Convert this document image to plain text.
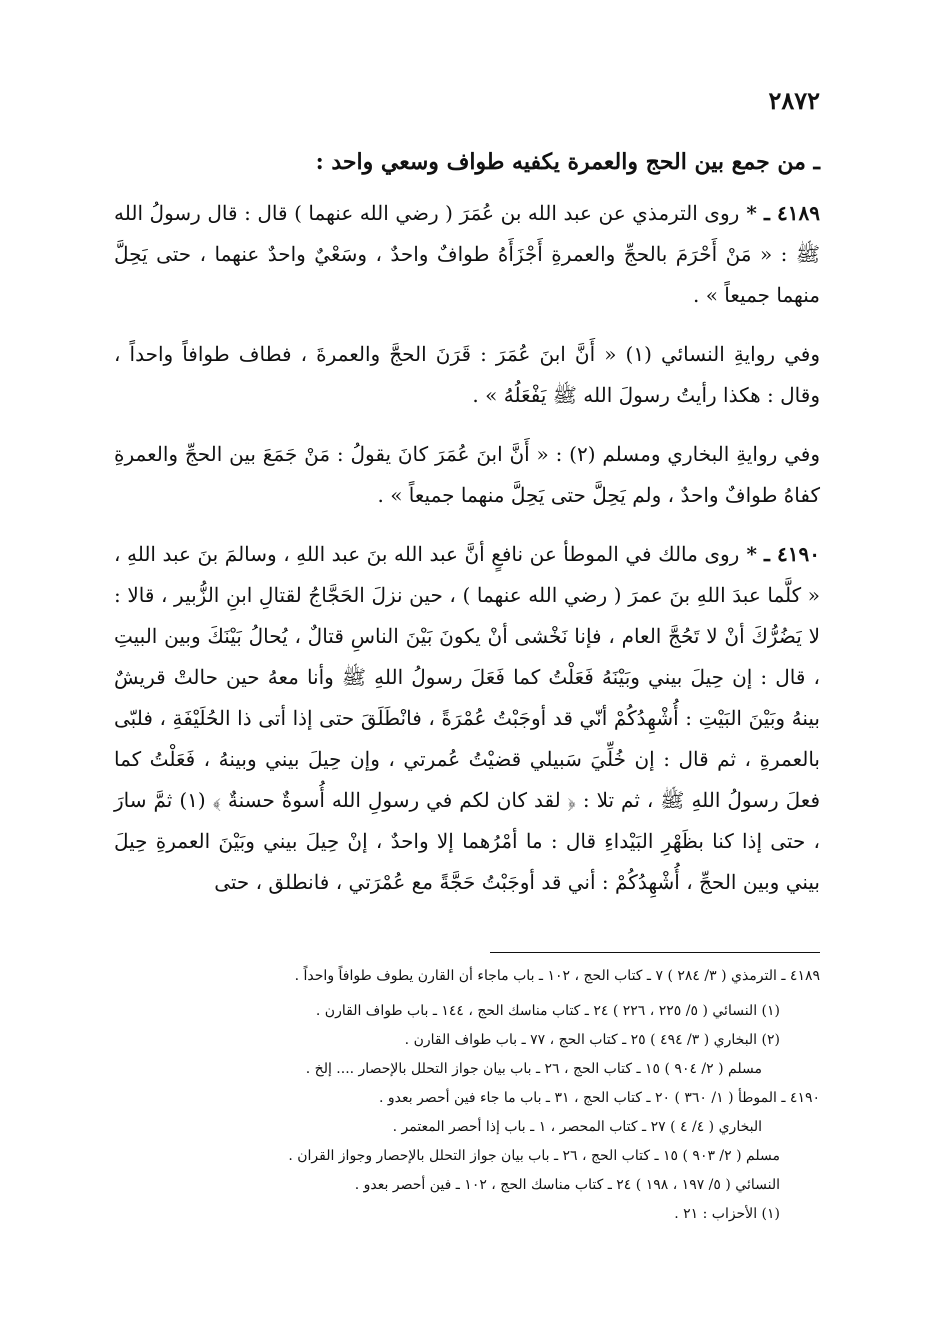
٢٨٧٢

ـ من جمع بين الحج والعمرة يكفيه طواف وسعي واحد :

٤١٨٩ ـ * روى الترمذي عن عبد الله بن عُمَرَ ( رضي الله عنهما ) قال : قال رسولُ الله ﷺ : « مَنْ أَحْرَمَ بالحجِّ والعمرةِ أَجْزَأَهُ طوافٌ واحدٌ ، وسَعْيٌ واحدٌ عنهما ، حتى يَحِلَّ منهما جميعاً » .

وفي روايةِ النسائي (١) « أَنَّ ابنَ عُمَرَ : قَرَنَ الحجَّ والعمرةَ ، فطاف طوافاً واحداً ، وقال : هكذا رأيتُ رسولَ الله ﷺ يَفْعَلُهُ » .

وفي روايةِ البخاري ومسلم (٢) : « أَنَّ ابنَ عُمَرَ كانَ يقولُ : مَنْ جَمَعَ بين الحجِّ والعمرةِ كفاهُ طوافٌ واحدٌ ، ولم يَحِلَّ حتى يَحِلَّ منهما جميعاً » .

٤١٩٠ ـ * روى مالك في الموطأ عن نافعٍ أنَّ عبد الله بنَ عبد اللهِ ، وسالمَ بنَ عبد اللهِ ، « كلَّما عبدَ اللهِ بنَ عمرَ ( رضي الله عنهما ) ، حين نزلَ الحَجَّاجُ لقتالِ ابنِ الزُّبير ، قالا : لا يَضُرُّكَ أنْ لا تَحُجَّ العام ، فإنا نَخْشى أنْ يكونَ بَيْنَ الناسِ قتالٌ ، يُحالُ بَيْنَكَ وبين البيتِ ، قال : إن حِيلَ بيني وبَيْنَهُ فَعَلْتُ كما فَعَلَ رسولُ اللهِ ﷺ وأنا معهُ حين حالتْ قريشٌ بينهُ وبَيْنَ البَيْتِ : أُشْهِدُكُمْ أنّي قد أوجَبْتُ عُمْرَةً ، فانْطَلَقَ حتى إذا أتى ذا الحُلَيْفَةِ ، فلبّى بالعمرةِ ، ثم قال : إن خُلِّيَ سَبيلي قضيْتُ عُمرتي ، وإن حِيلَ بيني وبينهُ ، فَعَلْتُ كما فعلَ رسولُ اللهِ ﷺ ، ثم تلا : ﴿ لقد كان لكم في رسولِ الله أُسوةٌ حسنةٌ ﴾ (١) ثمَّ سارَ ، حتى إذا كنا بظَهْرِ البَيْداءِ قال : ما أمْرُهما إلا واحدٌ ، إنْ حِيلَ بيني وبَيْنَ العمرةِ حِيلَ بيني وبين الحجِّ ، أُشْهِدُكُمْ : أني قد أوجَبْتُ حَجَّةً مع عُمْرَتي ، فانطلق ، حتى

٤١٨٩ ـ الترمذي ( ٣/ ٢٨٤ ) ٧ ـ كتاب الحج ، ١٠٢ ـ باب ماجاء أن القارن يطوف طوافاً واحداً .

(١) النسائي ( ٥/ ٢٢٥ ، ٢٢٦ ) ٢٤ ـ كتاب مناسك الحج ، ١٤٤ ـ باب طواف القارن .

(٢) البخاري ( ٣/ ٤٩٤ ) ٢٥ ـ كتاب الحج ، ٧٧ ـ باب طواف القارن .

مسلم ( ٢/ ٩٠٤ ) ١٥ ـ كتاب الحج ، ٢٦ ـ باب بيان جواز التحلل بالإحصار .... إلخ .

٤١٩٠ ـ الموطأ ( ١/ ٣٦٠ ) ٢٠ ـ كتاب الحج ، ٣١ ـ باب ما جاء فين أحصر بعدو .

البخاري ( ٤/ ٤ ) ٢٧ ـ كتاب المحصر ، ١ ـ باب إذا أحصر المعتمر .

مسلم ( ٢/ ٩٠٣ ) ١٥ ـ كتاب الحج ، ٢٦ ـ باب بيان جواز التحلل بالإحصار وجواز القران .

النسائي ( ٥/ ١٩٧ ، ١٩٨ ) ٢٤ ـ كتاب مناسك الحج ، ١٠٢ ـ فين أحصر بعدو .

(١) الأحزاب : ٢١ .
